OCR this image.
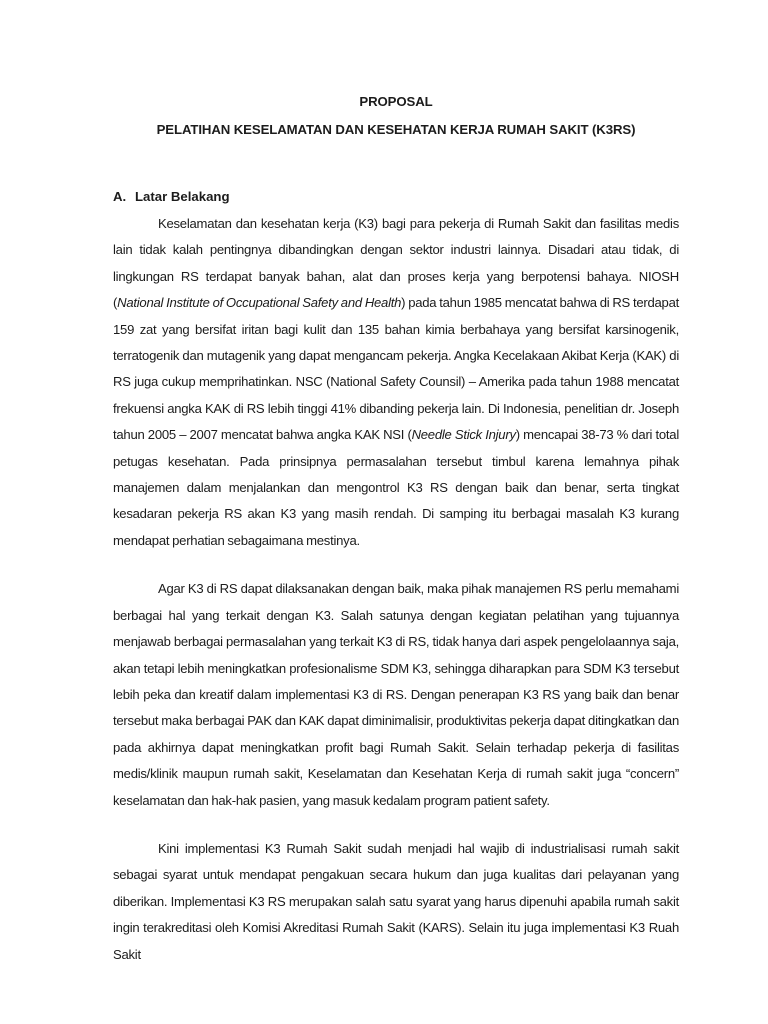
PROPOSAL

PELATIHAN KESELAMATAN DAN KESEHATAN KERJA RUMAH SAKIT (K3RS)

A. Latar Belakang

Keselamatan dan kesehatan kerja (K3) bagi para pekerja di Rumah Sakit dan fasilitas medis lain tidak kalah pentingnya dibandingkan dengan sektor industri lainnya. Disadari atau tidak, di lingkungan RS terdapat banyak bahan, alat dan proses kerja yang berpotensi bahaya. NIOSH (National Institute of Occupational Safety and Health) pada tahun 1985 mencatat bahwa di RS terdapat 159 zat yang bersifat iritan bagi kulit dan 135 bahan kimia berbahaya yang bersifat karsinogenik, terratogenik dan mutagenik yang dapat mengancam pekerja. Angka Kecelakaan Akibat Kerja (KAK) di RS juga cukup memprihatinkan. NSC (National Safety Counsil) – Amerika pada tahun 1988 mencatat frekuensi angka KAK di RS lebih tinggi 41% dibanding pekerja lain. Di Indonesia, penelitian dr. Joseph tahun 2005 – 2007 mencatat bahwa angka KAK NSI (Needle Stick Injury) mencapai 38-73 % dari total petugas kesehatan. Pada prinsipnya permasalahan tersebut timbul karena lemahnya pihak manajemen dalam menjalankan dan mengontrol K3 RS dengan baik dan benar, serta tingkat kesadaran pekerja RS akan K3 yang masih rendah. Di samping itu berbagai masalah K3 kurang mendapat perhatian sebagaimana mestinya.

Agar K3 di RS dapat dilaksanakan dengan baik, maka pihak manajemen RS perlu memahami berbagai hal yang terkait dengan K3. Salah satunya dengan kegiatan pelatihan yang tujuannya menjawab berbagai permasalahan yang terkait K3 di RS, tidak hanya dari aspek pengelolaannya saja, akan tetapi lebih meningkatkan profesionalisme SDM K3, sehingga diharapkan para SDM K3 tersebut lebih peka dan kreatif dalam implementasi K3 di RS. Dengan penerapan K3 RS yang baik dan benar tersebut maka berbagai PAK dan KAK dapat diminimalisir, produktivitas pekerja dapat ditingkatkan dan pada akhirnya dapat meningkatkan profit bagi Rumah Sakit. Selain terhadap pekerja di fasilitas medis/klinik maupun rumah sakit, Keselamatan dan Kesehatan Kerja di rumah sakit juga “concern” keselamatan dan hak-hak pasien, yang masuk kedalam program patient safety.

Kini implementasi K3 Rumah Sakit sudah menjadi hal wajib di industrialisasi rumah sakit sebagai syarat untuk mendapat pengakuan secara hukum dan juga kualitas dari pelayanan yang diberikan. Implementasi K3 RS merupakan salah satu syarat yang harus dipenuhi apabila rumah sakit ingin terakreditasi oleh Komisi Akreditasi Rumah Sakit (KARS). Selain itu juga implementasi K3 Ruah Sakit
